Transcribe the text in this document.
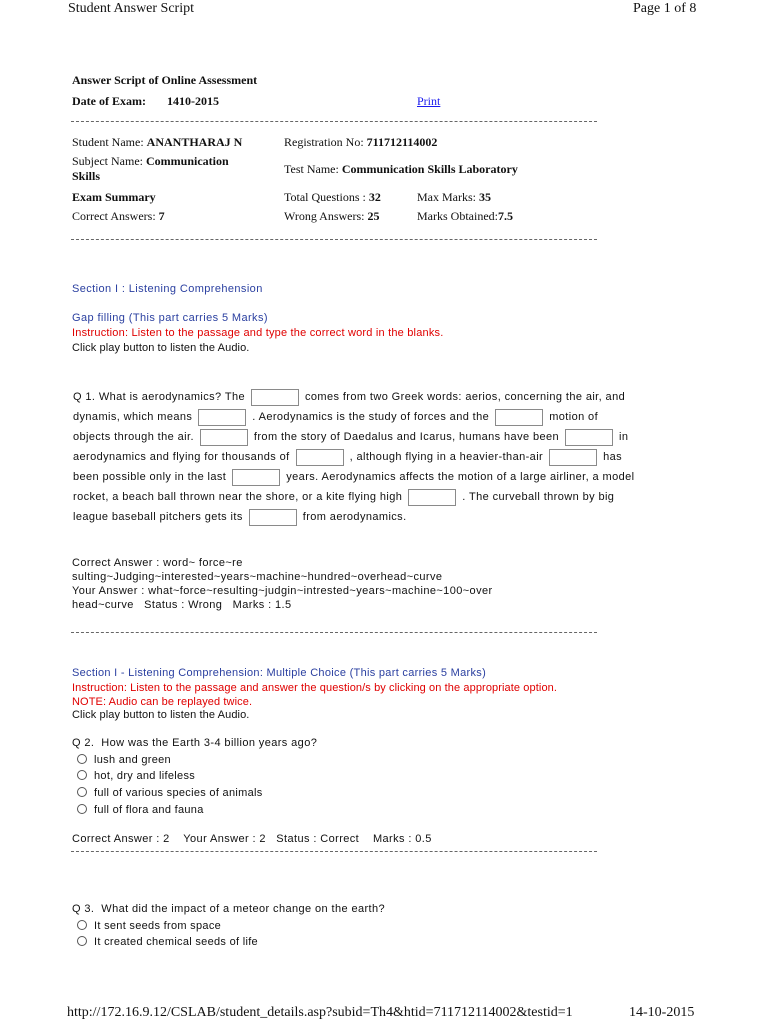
Student Answer Script	Page 1 of 8
Answer Script of Online Assessment
Date of Exam: 1410-2015	Print
Student Name: ANANTHARAJ N	Registration No: 711712114002
Subject Name: Communication
Skills	Test Name: Communication Skills Laboratory
Exam Summary	Total Questions : 32	Max Marks: 35
Correct Answers: 7	Wrong Answers: 25	Marks Obtained:7.5
Section I : Listening Comprehension
Gap filling (This part carries 5 Marks)
Instruction: Listen to the passage and type the correct word in the blanks.
Click play button to listen the Audio.
Q 1. What is aerodynamics? The	comes from two Greek words: aerios, concerning the air, and
dynamis, which means	. Aerodynamics is the study of forces and the	motion of
objects through the air.	from the story of Daedalus and Icarus, humans have been	in
aerodynamics and flying for thousands of	, although flying in a heavier-than-air	has
been possible only in the last	years. Aerodynamics affects the motion of a large airliner, a model
rocket, a beach ball thrown near the shore, or a kite flying high	. The curveball thrown by big
league baseball pitchers gets its	from aerodynamics.
Correct Answer : word~ force~re
sulting~Judging~interested~years~machine~hundred~overhead~curve
Your Answer : what~force~resulting~judgin~intrested~years~machine~100~over
head~curve   Status : Wrong   Marks : 1.5
Section I - Listening Comprehension: Multiple Choice (This part carries 5 Marks)
Instruction: Listen to the passage and answer the question/s by clicking on the appropriate option.
NOTE: Audio can be replayed twice.
Click play button to listen the Audio.
Q 2.  How was the Earth 3-4 billion years ago?
lush and green
hot, dry and lifeless
full of various species of animals
full of flora and fauna
Correct Answer : 2    Your Answer : 2   Status : Correct    Marks : 0.5
Q 3.  What did the impact of a meteor change on the earth?
It sent seeds from space
It created chemical seeds of life
http://172.16.9.12/CSLAB/student_details.asp?subid=Th4&htid=711712114002&testid=1	14-10-2015
